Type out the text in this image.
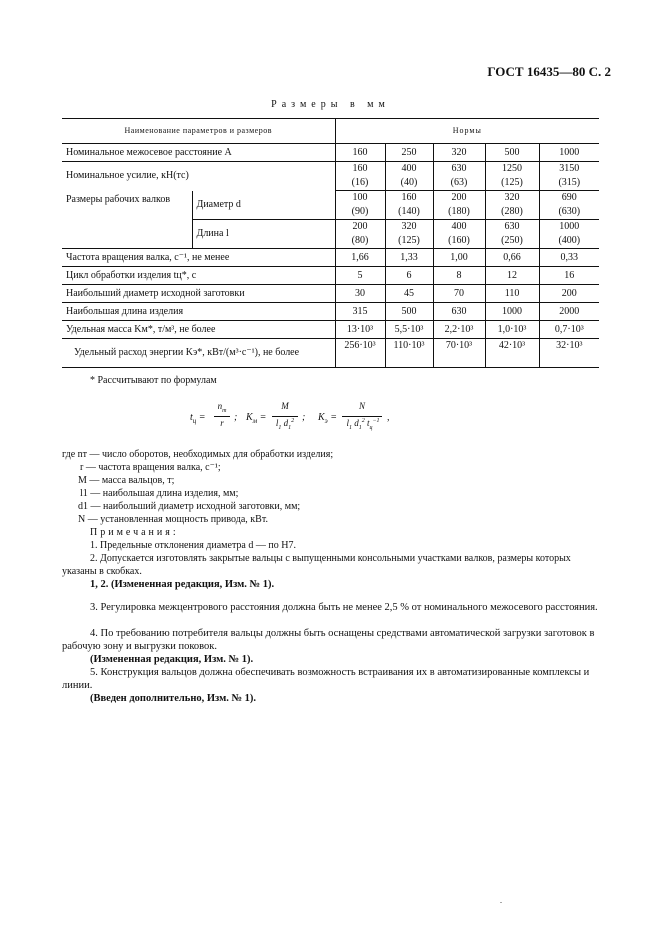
ГОСТ 16435—80 С. 2
Размеры в мм
Наименование параметров и размеров		Нормы				
Номинальное межосевое расстояние A		160	250	320	500	1000
Номинальное усилие, кН(тс)		160	400	630	1250	3150
		(16)	(40)	(63)	(125)	(315)
Размеры рабочих валков	Диаметр d	100	160	200	320	690
		(90)	(140)	(180)	(280)	(630)
	Длина l	200	320	400	630	1000
		(80)	(125)	(160)	(250)	(400)
Частота вращения валка, с⁻¹, не менее		1,66	1,33	1,00	0,66	0,33
Цикл обработки изделия tц*, с		5	6	8	12	16
Наибольший диаметр исходной заготовки		30	45	70	110	200
Наибольшая длина изделия		315	500	630	1000	2000
Удельная масса Kм*, т/м³, не более		13·10³	5,5·10³	2,2·10³	1,0·10³	0,7·10³
Удельный расход энергии Kэ*, кВт/(м³·с⁻¹), не более		256·10³	110·10³	70·10³	42·10³	32·10³
* Рассчитывают по формулам
$t_ц$ =
$n_т$
r	; $K_м$ =
M
$l_1$ $d_1^2$ ; $K_э$ =
N
$l_1$ $d_1^2$ $t_ц^{-1}$ ,
где nт — число оборотов, необходимых для обработки изделия;
r — частота вращения валка, с⁻¹;
M — масса вальцов, т;
l1 — наибольшая длина изделия, мм;
d1 — наибольший диаметр исходной заготовки, мм;
N — установленная мощность привода, кВт.
Примечания:
1. Предельные отклонения диаметра d — по Н7.
2. Допускается изготовлять закрытые вальцы с выпущенными консольными участками валков, размеры которых указаны в скобках.
1, 2. (Измененная редакция, Изм. № 1).
3. Регулировка межцентрового расстояния должна быть не менее 2,5 % от номинального межосевого расстояния.
4. По требованию потребителя вальцы должны быть оснащены средствами автоматической загрузки заготовок в рабочую зону и выгрузки поковок.
(Измененная редакция, Изм. № 1).
5. Конструкция вальцов должна обеспечивать возможность встраивания их в автоматизированные комплексы и линии.
(Введен дополнительно, Изм. № 1).
.
